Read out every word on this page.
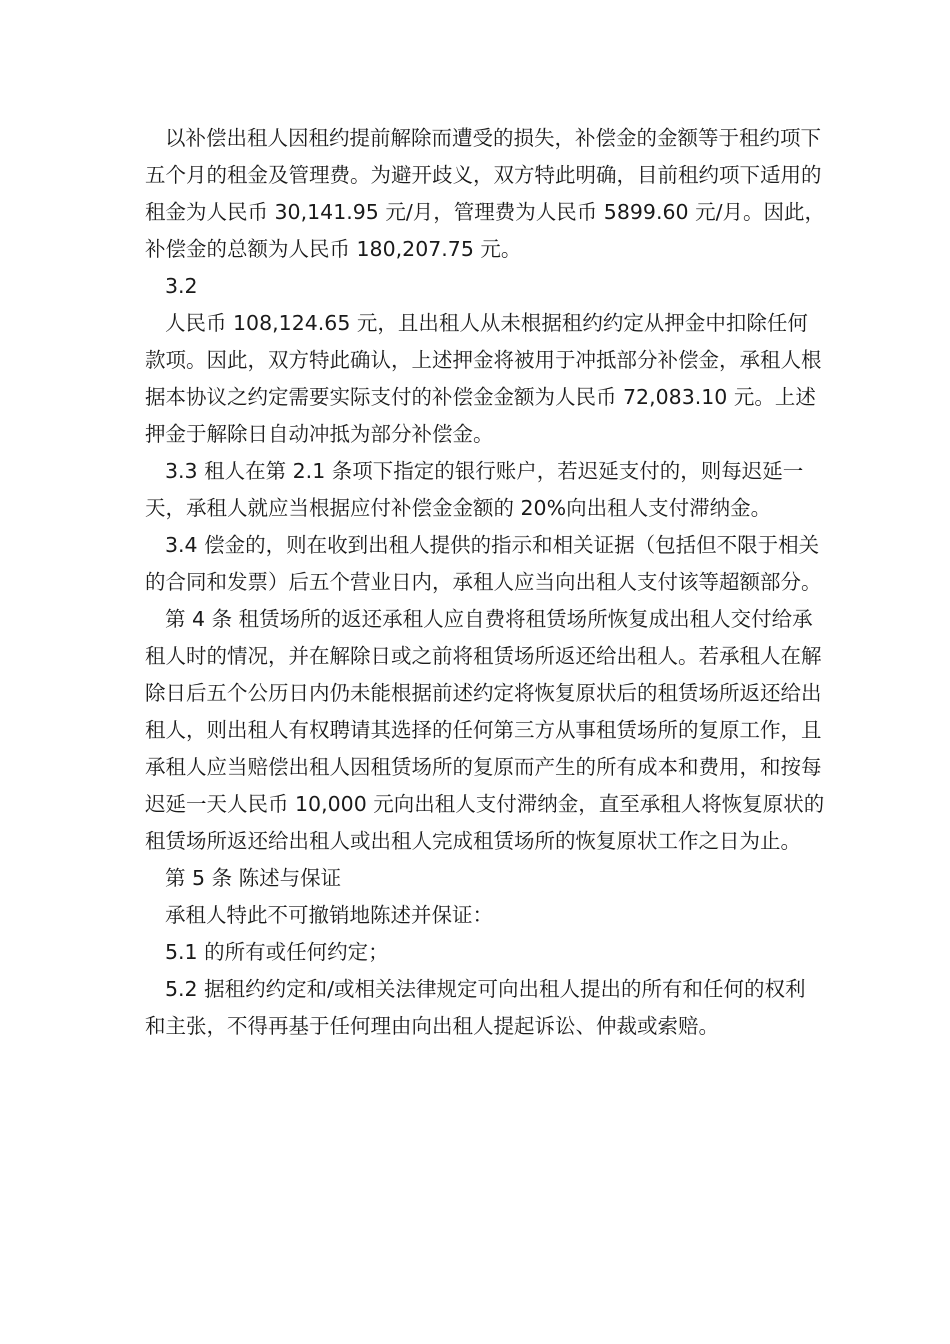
以补偿出租人因租约提前解除而遭受的损失，补偿金的金额等于租约项下五个月的租金及管理费。为避开歧义，双方特此明确，目前租约项下适用的租金为人民币 30,141.95 元/月，管理费为人民币 5899.60 元/月。因此，补偿金的总额为人民币 180,207.75 元。

3.2

人民币 108,124.65 元，且出租人从未根据租约约定从押金中扣除任何款项。因此，双方特此确认，上述押金将被用于冲抵部分补偿金，承租人根据本协议之约定需要实际支付的补偿金金额为人民币 72,083.10 元。上述押金于解除日自动冲抵为部分补偿金。

3.3 租人在第 2.1 条项下指定的银行账户，若迟延支付的，则每迟延一天，承租人就应当根据应付补偿金金额的 20%向出租人支付滞纳金。

3.4 偿金的，则在收到出租人提供的指示和相关证据（包括但不限于相关的合同和发票）后五个营业日内，承租人应当向出租人支付该等超额部分。

第 4 条 租赁场所的返还承租人应自费将租赁场所恢复成出租人交付给承租人时的情况，并在解除日或之前将租赁场所返还给出租人。若承租人在解除日后五个公历日内仍未能根据前述约定将恢复原状后的租赁场所返还给出租人，则出租人有权聘请其选择的任何第三方从事租赁场所的复原工作，且承租人应当赔偿出租人因租赁场所的复原而产生的所有成本和费用，和按每迟延一天人民币 10,000 元向出租人支付滞纳金，直至承租人将恢复原状的租赁场所返还给出租人或出租人完成租赁场所的恢复原状工作之日为止。

第 5 条 陈述与保证

承租人特此不可撤销地陈述并保证：

5.1 的所有或任何约定；

5.2 据租约约定和/或相关法律规定可向出租人提出的所有和任何的权利和主张，不得再基于任何理由向出租人提起诉讼、仲裁或索赔。
